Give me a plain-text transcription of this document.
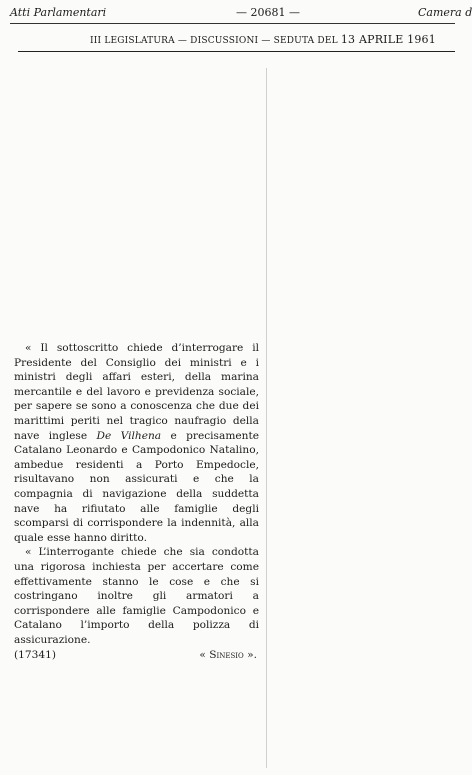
Atti Parlamentari	— 20681 —	Camera d
III LEGISLATURA — DISCUSSIONI — SEDUTA DEL 13 APRILE 1961

« Il sottoscritto chiede d’interrogare il Presidente del Consiglio dei ministri e i ministri degli affari esteri, della marina mercantile e del lavoro e previdenza sociale, per sapere se sono a conoscenza che due dei marittimi periti nel tragico naufragio della nave inglese De Vilhena e precisamente Catalano Leonardo e Campodonico Natalino, ambedue residenti a Porto Empedocle, risultavano non assicurati e che la compagnia di navigazione della suddetta nave ha rifiutato alle famiglie degli scomparsi di corrispondere la indennità, alla quale esse hanno diritto.

« L’interrogante chiede che sia condotta una rigorosa inchiesta per accertare come effettivamente stanno le cose e che si costringano inoltre gli armatori a corrispondere alle famiglie Campodonico e Catalano l’importo della polizza di assicurazione.

(17341)	« Sinesio ».
